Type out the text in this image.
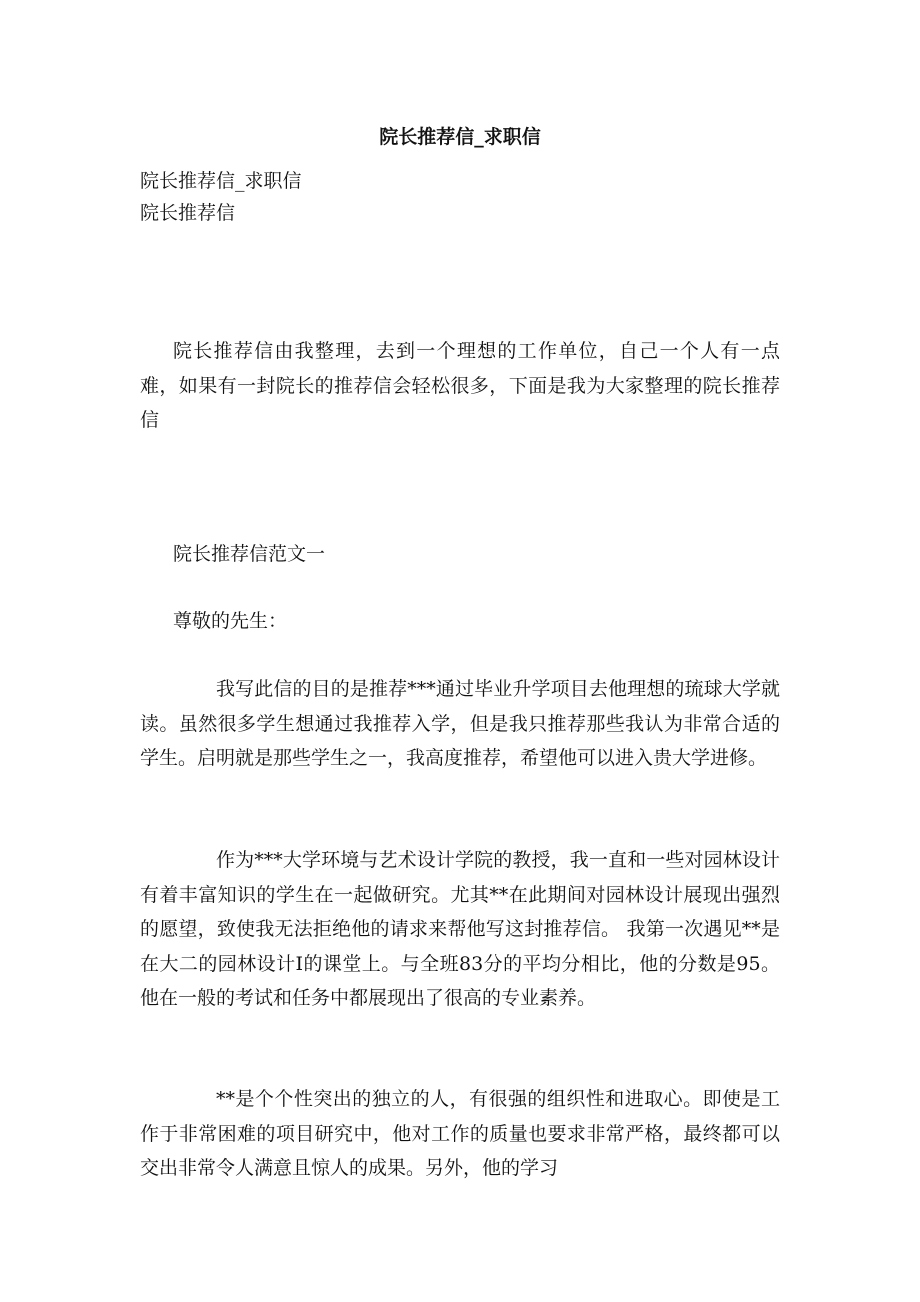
院长推荐信_求职信
院长推荐信_求职信
院长推荐信
院长推荐信由我整理，去到一个理想的工作单位，自己一个人有一点难，如果有一封院长的推荐信会轻松很多，下面是我为大家整理的院长推荐信
院长推荐信范文一
尊敬的先生：
我写此信的目的是推荐***通过毕业升学项目去他理想的琉球大学就读。虽然很多学生想通过我推荐入学，但是我只推荐那些我认为非常合适的学生。启明就是那些学生之一，我高度推荐，希望他可以进入贵大学进修。
作为***大学环境与艺术设计学院的教授，我一直和一些对园林设计有着丰富知识的学生在一起做研究。尤其**在此期间对园林设计展现出强烈的愿望，致使我无法拒绝他的请求来帮他写这封推荐信。 我第一次遇见**是在大二的园林设计Ⅰ的课堂上。与全班83分的平均分相比，他的分数是95。他在一般的考试和任务中都展现出了很高的专业素养。
**是个个性突出的独立的人，有很强的组织性和进取心。即使是工作于非常困难的项目研究中，他对工作的质量也要求非常严格，最终都可以交出非常令人满意且惊人的成果。另外，他的学习
